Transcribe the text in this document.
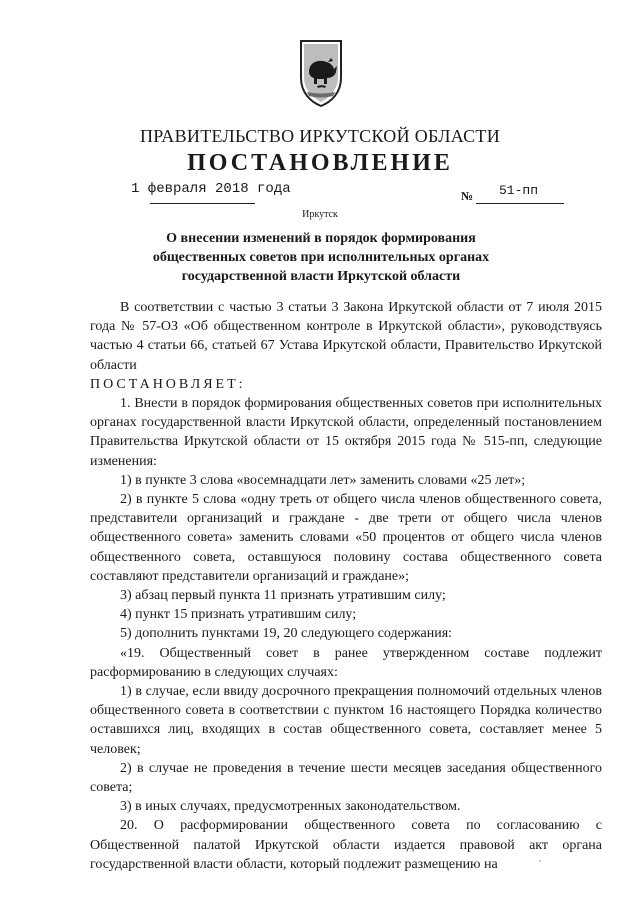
ПРАВИТЕЛЬСТВО ИРКУТСКОЙ ОБЛАСТИ
ПОСТАНОВЛЕНИЕ
1 февраля 2018 года	№ 51-пп
Иркутск
О внесении изменений в порядок формирования общественных советов при исполнительных органах государственной власти Иркутской области

В соответствии с частью 3 статьи 3 Закона Иркутской области от 7 июля 2015 года № 57-ОЗ «Об общественном контроле в Иркутской области», руководствуясь частью 4 статьи 66, статьей 67 Устава Иркутской области, Правительство Иркутской области

ПОСТАНОВЛЯЕТ:

1. Внести в порядок формирования общественных советов при исполнительных органах государственной власти Иркутской области, определенный постановлением Правительства Иркутской области от 15 октября 2015 года № 515-пп, следующие изменения:

1) в пункте 3 слова «восемнадцати лет» заменить словами «25 лет»;

2) в пункте 5 слова «одну треть от общего числа членов общественного совета, представители организаций и граждане - две трети от общего числа членов общественного совета» заменить словами «50 процентов от общего числа членов общественного совета, оставшуюся половину состава общественного совета составляют представители организаций и граждане»;

3) абзац первый пункта 11 признать утратившим силу;

4) пункт 15 признать утратившим силу;

5) дополнить пунктами 19, 20 следующего содержания:

«19. Общественный совет в ранее утвержденном составе подлежит расформированию в следующих случаях:

1) в случае, если ввиду досрочного прекращения полномочий отдельных членов общественного совета в соответствии с пунктом 16 настоящего Порядка количество оставшихся лиц, входящих в состав общественного совета, составляет менее 5 человек;

2) в случае не проведения в течение шести месяцев заседания общественного совета;

3) в иных случаях, предусмотренных законодательством.

20. О расформировании общественного совета по согласованию с Общественной палатой Иркутской области издается правовой акт органа государственной власти области, который подлежит размещению на
